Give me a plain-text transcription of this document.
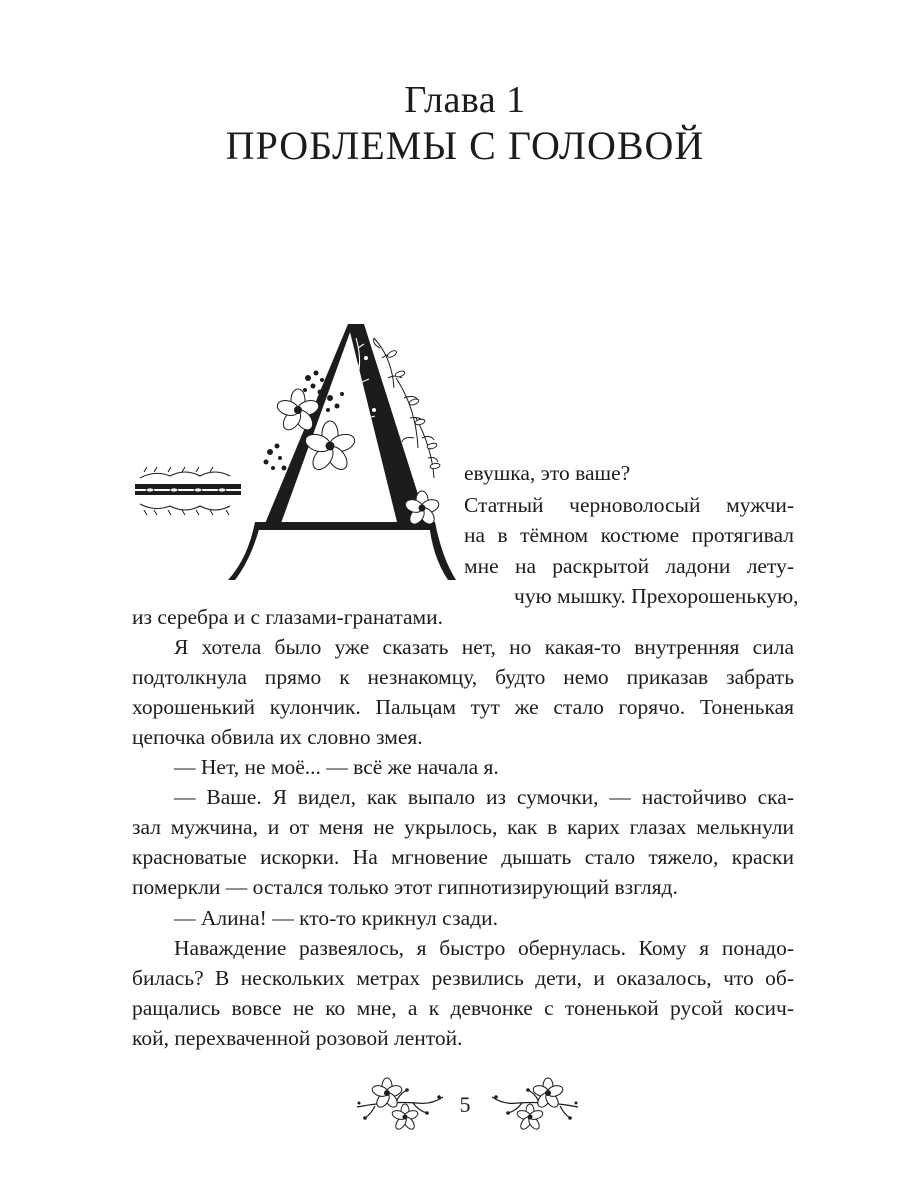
Глава 1
ПРОБЛЕМЫ С ГОЛОВОЙ
евушка, это ваше?
Статный черноволосый мужчи-
на в тёмном костюме протягивал
мне на раскрытой ладони лету-
чую мышку. Прехорошенькую,
из серебра и с глазами-гранатами.
Я хотела было уже сказать нет, но какая-то внутренняя сила
подтолкнула прямо к незнакомцу, будто немо приказав забрать
хорошенький кулончик. Пальцам тут же стало горячо. Тоненькая
цепочка обвила их словно змея.
— Нет, не моё... — всё же начала я.
— Ваше. Я видел, как выпало из сумочки, — настойчиво ска-
зал мужчина, и от меня не укрылось, как в карих глазах мелькнули
красноватые искорки. На мгновение дышать стало тяжело, краски
померкли — остался только этот гипнотизирующий взгляд.
— Алина! — кто-то крикнул сзади.
Наваждение развеялось, я быстро обернулась. Кому я понадо-
билась? В нескольких метрах резвились дети, и оказалось, что об-
ращались вовсе не ко мне, а к девчонке с тоненькой русой косич-
кой, перехваченной розовой лентой.
5
